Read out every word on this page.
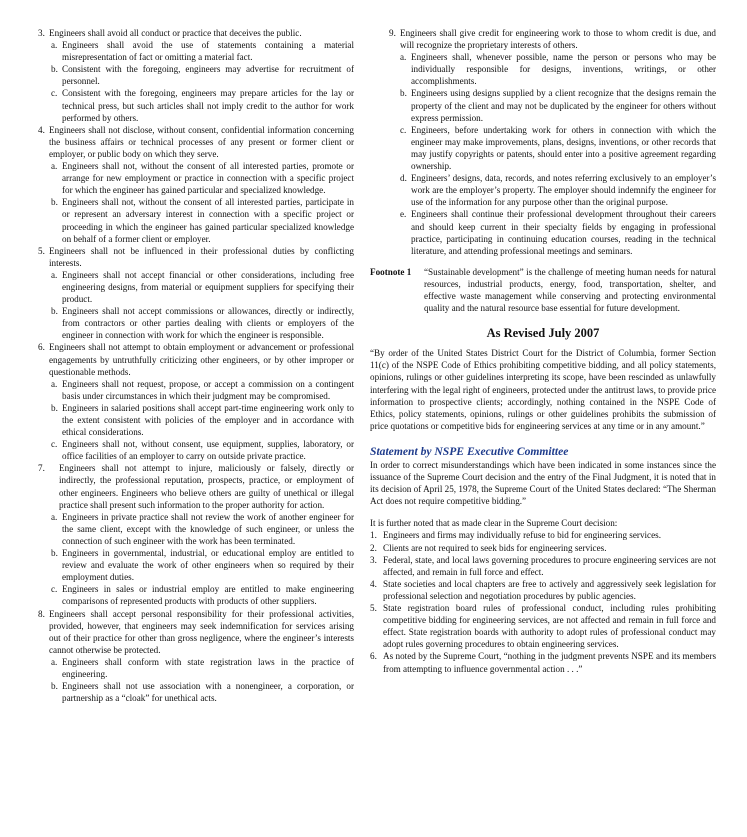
3. Engineers shall avoid all conduct or practice that deceives the public.
a. Engineers shall avoid the use of statements containing a material misrepresentation of fact or omitting a material fact.
b. Consistent with the foregoing, engineers may advertise for recruitment of personnel.
c. Consistent with the foregoing, engineers may prepare articles for the lay or technical press, but such articles shall not imply credit to the author for work performed by others.
4. Engineers shall not disclose, without consent, confidential information concerning the business affairs or technical processes of any present or former client or employer, or public body on which they serve.
a. Engineers shall not, without the consent of all interested parties, promote or arrange for new employment or practice in connection with a specific project for which the engineer has gained particular and specialized knowledge.
b. Engineers shall not, without the consent of all interested parties, participate in or represent an adversary interest in connection with a specific project or proceeding in which the engineer has gained particular specialized knowledge on behalf of a former client or employer.
5. Engineers shall not be influenced in their professional duties by conflicting interests.
a. Engineers shall not accept financial or other considerations, including free engineering designs, from material or equipment suppliers for specifying their product.
b. Engineers shall not accept commissions or allowances, directly or indirectly, from contractors or other parties dealing with clients or employers of the engineer in connection with work for which the engineer is responsible.
6. Engineers shall not attempt to obtain employment or advancement or professional engagements by untruthfully criticizing other engineers, or by other improper or questionable methods.
a. Engineers shall not request, propose, or accept a commission on a contingent basis under circumstances in which their judgment may be compromised.
b. Engineers in salaried positions shall accept part-time engineering work only to the extent consistent with policies of the employer and in accordance with ethical considerations.
c. Engineers shall not, without consent, use equipment, supplies, laboratory, or office facilities of an employer to carry on outside private practice.
7. Engineers shall not attempt to injure, maliciously or falsely, directly or indirectly, the professional reputation, prospects, practice, or employment of other engineers. Engineers who believe others are guilty of unethical or illegal practice shall present such information to the proper authority for action.
a. Engineers in private practice shall not review the work of another engineer for the same client, except with the knowledge of such engineer, or unless the connection of such engineer with the work has been terminated.
b. Engineers in governmental, industrial, or educational employ are entitled to review and evaluate the work of other engineers when so required by their employment duties.
c. Engineers in sales or industrial employ are entitled to make engineering comparisons of represented products with products of other suppliers.
8. Engineers shall accept personal responsibility for their professional activities, provided, however, that engineers may seek indemnification for services arising out of their practice for other than gross negligence, where the engineer’s interests cannot otherwise be protected.
a. Engineers shall conform with state registration laws in the practice of engineering.
b. Engineers shall not use association with a nonengineer, a corporation, or partnership as a “cloak” for unethical acts.
9. Engineers shall give credit for engineering work to those to whom credit is due, and will recognize the proprietary interests of others.
a. Engineers shall, whenever possible, name the person or persons who may be individually responsible for designs, inventions, writings, or other accomplishments.
b. Engineers using designs supplied by a client recognize that the designs remain the property of the client and may not be duplicated by the engineer for others without express permission.
c. Engineers, before undertaking work for others in connection with which the engineer may make improvements, plans, designs, inventions, or other records that may justify copyrights or patents, should enter into a positive agreement regarding ownership.
d. Engineers’ designs, data, records, and notes referring exclusively to an employer’s work are the employer’s property. The employer should indemnify the engineer for use of the information for any purpose other than the original purpose.
e. Engineers shall continue their professional development throughout their careers and should keep current in their specialty fields by engaging in professional practice, participating in continuing education courses, reading in the technical literature, and attending professional meetings and seminars.
Footnote 1	“Sustainable development” is the challenge of meeting human needs for natural resources, industrial products, energy, food, transportation, shelter, and effective waste management while conserving and protecting environmental quality and the natural resource base essential for future development.
As Revised July 2007

“By order of the United States District Court for the District of Columbia, former Section 11(c) of the NSPE Code of Ethics prohibiting competitive bidding, and all policy statements, opinions, rulings or other guidelines interpreting its scope, have been rescinded as unlawfully interfering with the legal right of engineers, protected under the antitrust laws, to provide price information to prospective clients; accordingly, nothing contained in the NSPE Code of Ethics, policy statements, opinions, rulings or other guidelines prohibits the submission of price quotations or competitive bids for engineering services at any time or in any amount.”

Statement by NSPE Executive Committee

In order to correct misunderstandings which have been indicated in some instances since the issuance of the Supreme Court decision and the entry of the Final Judgment, it is noted that in its decision of April 25, 1978, the Supreme Court of the United States declared: “The Sherman Act does not require competitive bidding.”

It is further noted that as made clear in the Supreme Court decision:

1. Engineers and firms may individually refuse to bid for engineering services.
2. Clients are not required to seek bids for engineering services.
3. Federal, state, and local laws governing procedures to procure engineering services are not affected, and remain in full force and effect.
4. State societies and local chapters are free to actively and aggressively seek legislation for professional selection and negotiation procedures by public agencies.
5. State registration board rules of professional conduct, including rules prohibiting competitive bidding for engineering services, are not affected and remain in full force and effect. State registration boards with authority to adopt rules of professional conduct may adopt rules governing procedures to obtain engineering services.
6. As noted by the Supreme Court, “nothing in the judgment prevents NSPE and its members from attempting to influence governmental action . . .”
